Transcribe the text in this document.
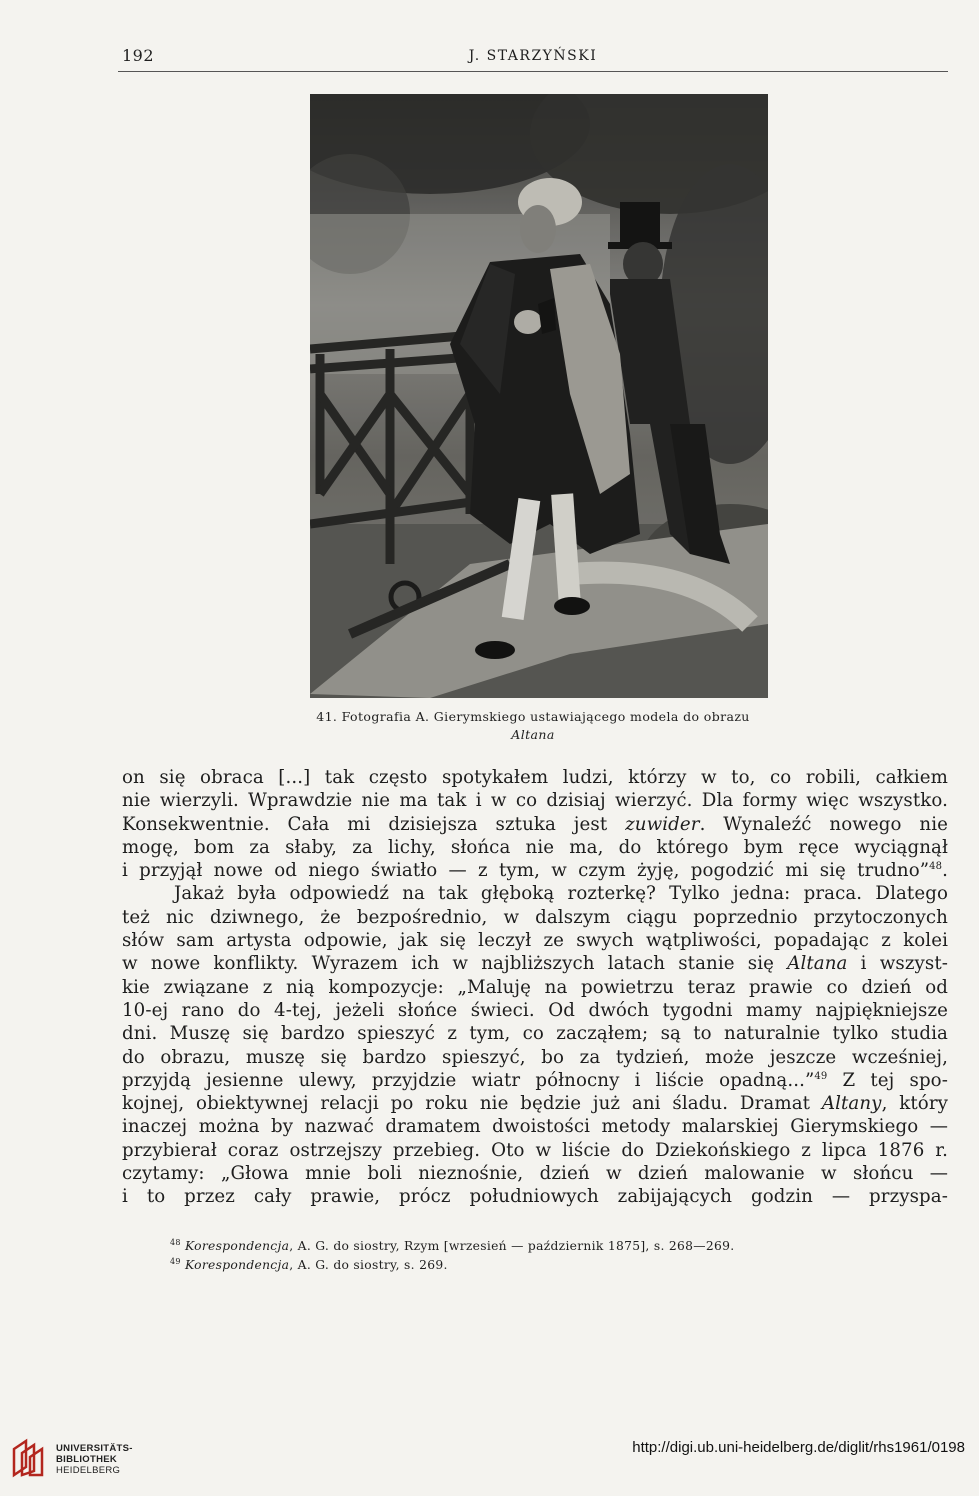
192	J. STARZYŃSKI
41. Fotografia A. Gierymskiego ustawiającego modela do obrazu
Altana

on się obraca [...] tak często spotykałem ludzi, którzy w to, co robili, całkiem

nie wierzyli. Wprawdzie nie ma tak i w co dzisiaj wierzyć. Dla formy więc wszystko.

Konsekwentnie. Cała mi dzisiejsza sztuka jest zuwider. Wynaleźć nowego nie

mogę, bom za słaby, za lichy, słońca nie ma, do którego bym ręce wyciągnął

i przyjął nowe od niego światło — z tym, w czym żyję, pogodzić mi się trudno”$^{48}$.

Jakaż była odpowiedź na tak głęboką rozterkę? Tylko jedna: praca. Dlatego

też nic dziwnego, że bezpośrednio, w dalszym ciągu poprzednio przytoczonych

słów sam artysta odpowie, jak się leczył ze swych wątpliwości, popadając z kolei

w nowe konflikty. Wyrazem ich w najbliższych latach stanie się Altana i wszyst-

kie związane z nią kompozycje: „Maluję na powietrzu teraz prawie co dzień od

10-ej rano do 4-tej, jeżeli słońce świeci. Od dwóch tygodni mamy najpiękniejsze

dni. Muszę się bardzo spieszyć z tym, co zacząłem; są to naturalnie tylko studia

do obrazu, muszę się bardzo spieszyć, bo za tydzień, może jeszcze wcześniej,

przyjdą jesienne ulewy, przyjdzie wiatr północny i liście opadną...”$^{49}$ Z tej spo-

kojnej, obiektywnej relacji po roku nie będzie już ani śladu. Dramat Altany, który

inaczej można by nazwać dramatem dwoistości metody malarskiej Gierymskiego —

przybierał coraz ostrzejszy przebieg. Oto w liście do Dziekońskiego z lipca 1876 r.

czytamy: „Głowa mnie boli nieznośnie, dzień w dzień malowanie w słońcu —

i to przez cały prawie, prócz południowych zabijających godzin — przyspa-

$^{48}$ Korespondencja, A. G. do siostry, Rzym [wrzesień — październik 1875], s. 268—269.
$^{49}$ Korespondencja, A. G. do siostry, s. 269.
UNIVERSITÄTS-
BIBLIOTHEK
HEIDELBERG
http://digi.ub.uni-heidelberg.de/diglit/rhs1961/0198
